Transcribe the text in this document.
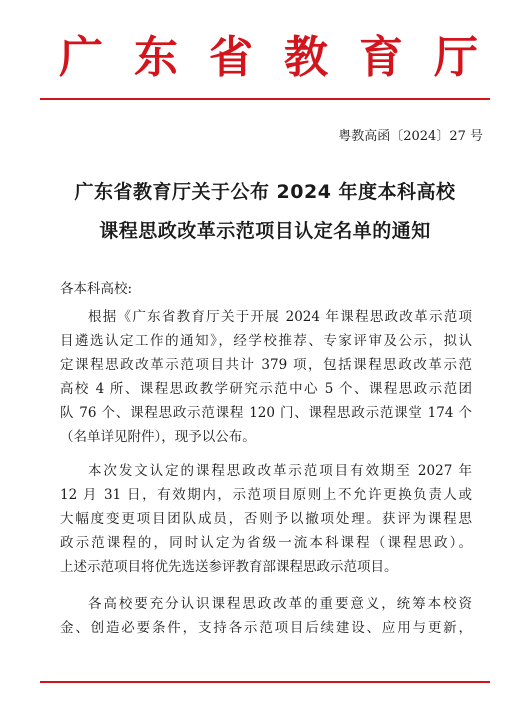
广 东 省 教 育 厅
粤教高函〔2024〕27 号
广东省教育厅关于公布 2024 年度本科高校
课程思政改革示范项目认定名单的通知
各本科高校:
根据《广东省教育厅关于开展 2024 年课程思政改革示范项
目遴选认定工作的通知》，经学校推荐、专家评审及公示，拟认
定课程思政改革示范项目共计 379 项，包括课程思政改革示范
高校 4 所、课程思政教学研究示范中心 5 个、课程思政示范团
队 76 个、课程思政示范课程 120 门、课程思政示范课堂 174 个
（名单详见附件），现予以公布。
本次发文认定的课程思政改革示范项目有效期至 2027 年
12 月 31 日，有效期内，示范项目原则上不允许更换负责人或
大幅度变更项目团队成员，否则予以撤项处理。获评为课程思
政示范课程的，同时认定为省级一流本科课程（课程思政）。
上述示范项目将优先选送参评教育部课程思政示范项目。
各高校要充分认识课程思政改革的重要意义，统筹本校资
金、创造必要条件，支持各示范项目后续建设、应用与更新，
